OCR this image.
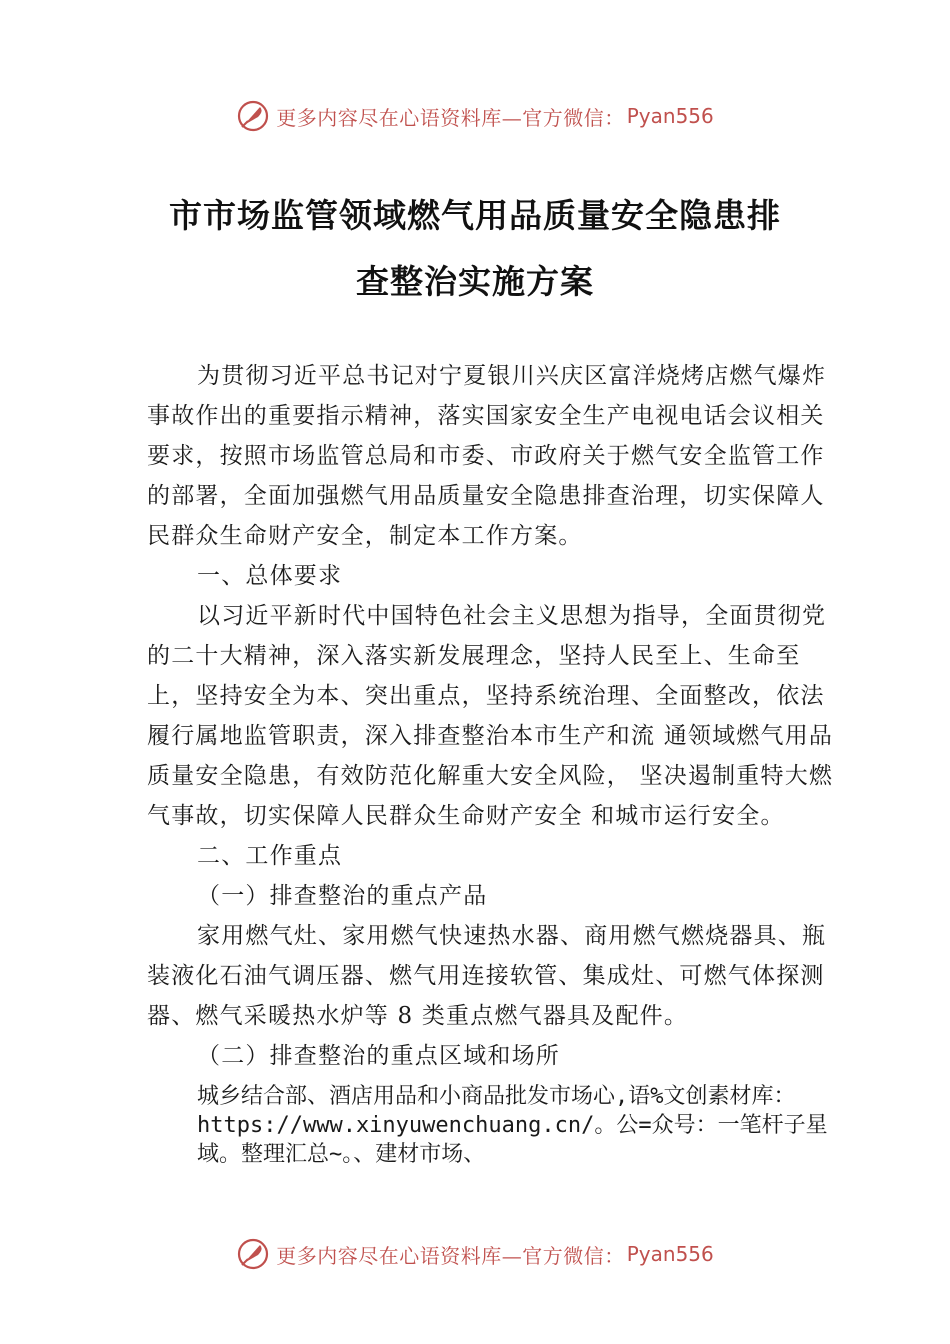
更多内容尽在心语资料库—官方微信： Pyan556
市市场监管领域燃气用品质量安全隐患排
查整治实施方案

为贯彻习近平总书记对宁夏银川兴庆区富洋烧烤店燃气爆炸事故作出的重要指示精神，落实国家安全生产电视电话会议相关要求，按照市场监管总局和市委、市政府关于燃气安全监管工作的部署，全面加强燃气用品质量安全隐患排查治理，切实保障人民群众生命财产安全，制定本工作方案。

一、总体要求

以习近平新时代中国特色社会主义思想为指导，全面贯彻党的二十大精神，深入落实新发展理念，坚持人民至上、生命至上，坚持安全为本、突出重点，坚持系统治理、全面整改，依法履行属地监管职责，深入排查整治本市生产和流 通领域燃气用品质量安全隐患，有效防范化解重大安全风险， 坚决遏制重特大燃气事故，切实保障人民群众生命财产安全 和城市运行安全。

二、工作重点

（一）排查整治的重点产品

家用燃气灶、家用燃气快速热水器、商用燃气燃烧器具、瓶装液化石油气调压器、燃气用连接软管、集成灶、可燃气体探测器、燃气采暖热水炉等 8 类重点燃气器具及配件。

（二）排查整治的重点区域和场所

城乡结合部、酒店用品和小商品批发市场心,语%文创素材库：https://www.xinyuwenchuang.cn/。公=众号：一笔杆子星域。整理汇总~。、建材市场、

更多内容尽在心语资料库—官方微信： Pyan556
